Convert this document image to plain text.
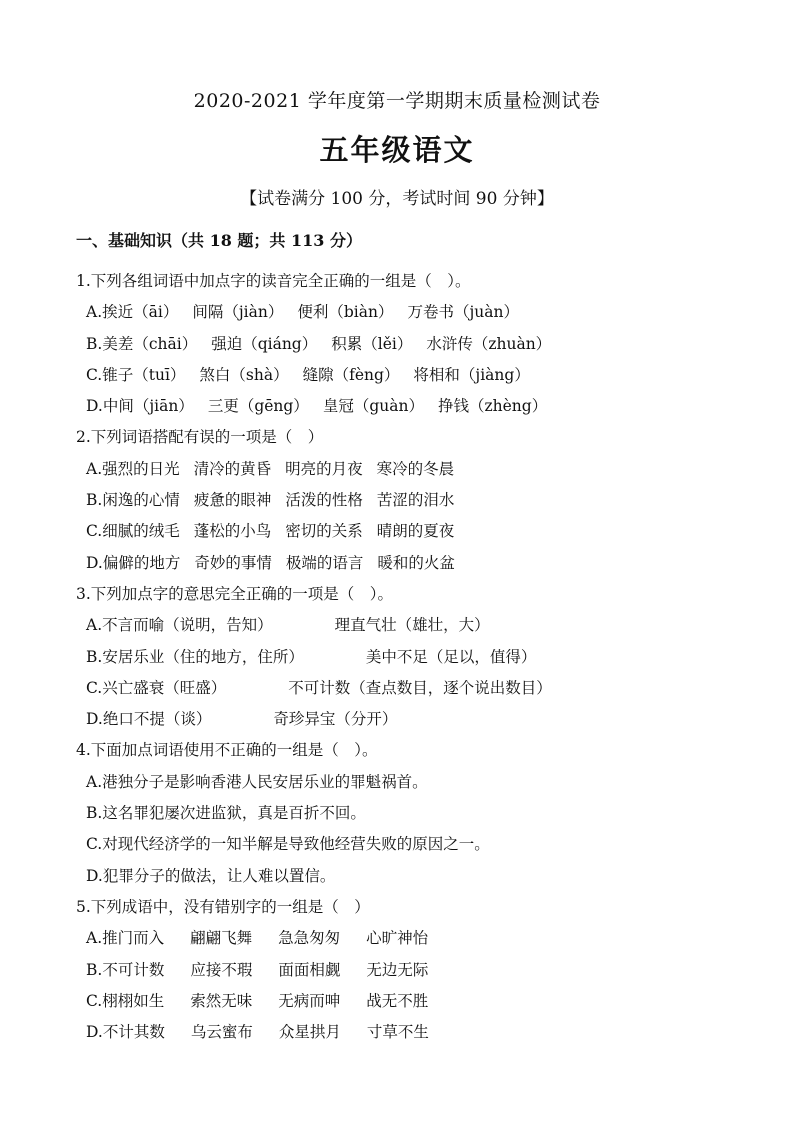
2020-2021 学年度第一学期期末质量检测试卷
五年级语文
【试卷满分 100 分，考试时间 90 分钟】
一、基础知识（共 18 题；共 113 分）
1.下列各组词语中加点字的读音完全正确的一组是（　）。
A.挨近（āi） 间隔（jiàn） 便利（biàn） 万卷书（juàn）
B.美差（chāi） 强迫（qiáng） 积累（lěi） 水浒传（zhuàn）
C.锥子（tuī） 煞白（shà） 缝隙（fèng） 将相和（jiàng）
D.中间（jiān） 三更（gēng） 皇冠（guàn） 挣钱（zhèng）
2.下列词语搭配有误的一项是（　）
A.强烈的日光 清冷的黄昏 明亮的月夜 寒冷的冬晨
B.闲逸的心情 疲惫的眼神 活泼的性格 苦涩的泪水
C.细腻的绒毛 蓬松的小鸟 密切的关系 晴朗的夏夜
D.偏僻的地方 奇妙的事情 极端的语言 暖和的火盆
3.下列加点字的意思完全正确的一项是（　）。
A.不言而喻（说明，告知）	理直气壮（雄壮，大）
B.安居乐业（住的地方，住所）	美中不足（足以，值得）
C.兴亡盛衰（旺盛）	不可计数（查点数目，逐个说出数目）
D.绝口不提（谈）	奇珍异宝（分开）
4.下面加点词语使用不正确的一组是（　）。
A.港独分子是影响香港人民安居乐业的罪魁祸首。
B.这名罪犯屡次进监狱，真是百折不回。
C.对现代经济学的一知半解是导致他经营失败的原因之一。
D.犯罪分子的做法，让人难以置信。
5.下列成语中，没有错别字的一组是（　）
A.推门而入 翩翩飞舞 急急匆匆 心旷神怡
B.不可计数 应接不瑕 面面相觑 无边无际
C.栩栩如生 索然无味 无病而呻 战无不胜
D.不计其数 乌云蜜布 众星拱月 寸草不生
